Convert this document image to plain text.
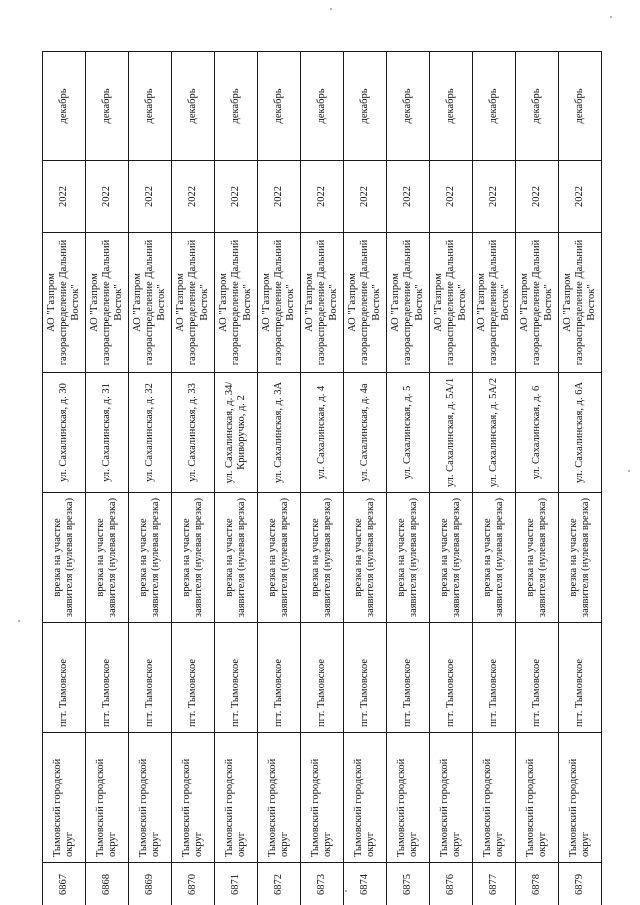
6867	Тымовский городской округ	пгт. Тымовское	врезка на участке заявителя (нулевая врезка)	ул. Сахалинская, д. 30	АО "Газпром газораспределение Дальний Восток"	2022	декабрь
6868	Тымовский городской округ	пгт. Тымовское	врезка на участке заявителя (нулевая врезка)	ул. Сахалинская, д. 31	АО "Газпром газораспределение Дальний Восток"	2022	декабрь
6869	Тымовский городской округ	пгт. Тымовское	врезка на участке заявителя (нулевая врезка)	ул. Сахалинская, д. 32	АО "Газпром газораспределение Дальний Восток"	2022	декабрь
6870	Тымовский городской округ	пгт. Тымовское	врезка на участке заявителя (нулевая врезка)	ул. Сахалинская, д. 33	АО "Газпром газораспределение Дальний Восток"	2022	декабрь
6871	Тымовский городской округ	пгт. Тымовское	врезка на участке заявителя (нулевая врезка)	ул. Сахалинская, д. 34/Криворучко, д. 2	АО "Газпром газораспределение Дальний Восток"	2022	декабрь
6872	Тымовский городской округ	пгт. Тымовское	врезка на участке заявителя (нулевая врезка)	ул. Сахалинская, д. 3А	АО "Газпром газораспределение Дальний Восток"	2022	декабрь
6873	Тымовский городской округ	пгт. Тымовское	врезка на участке заявителя (нулевая врезка)	ул. Сахалинская, д. 4	АО "Газпром газораспределение Дальний Восток"	2022	декабрь
6874	Тымовский городской округ	пгт. Тымовское	врезка на участке заявителя (нулевая врезка)	ул. Сахалинская, д. 4а	АО "Газпром газораспределение Дальний Восток"	2022	декабрь
6875	Тымовский городской округ	пгт. Тымовское	врезка на участке заявителя (нулевая врезка)	ул. Сахалинская, д. 5	АО "Газпром газораспределение Дальний Восток"	2022	декабрь
6876	Тымовский городской округ	пгт. Тымовское	врезка на участке заявителя (нулевая врезка)	ул. Сахалинская, д. 5А/1	АО "Газпром газораспределение Дальний Восток"	2022	декабрь
6877	Тымовский городской округ	пгт. Тымовское	врезка на участке заявителя (нулевая врезка)	ул. Сахалинская, д. 5А/2	АО "Газпром газораспределение Дальний Восток"	2022	декабрь
6878	Тымовский городской округ	пгт. Тымовское	врезка на участке заявителя (нулевая врезка)	ул. Сахалинская, д. 6	АО "Газпром газораспределение Дальний Восток"	2022	декабрь
6879	Тымовский городской округ	пгт. Тымовское	врезка на участке заявителя (нулевая врезка)	ул. Сахалинская, д. 6А	АО "Газпром газораспределение Дальний Восток"	2022	декабрь
